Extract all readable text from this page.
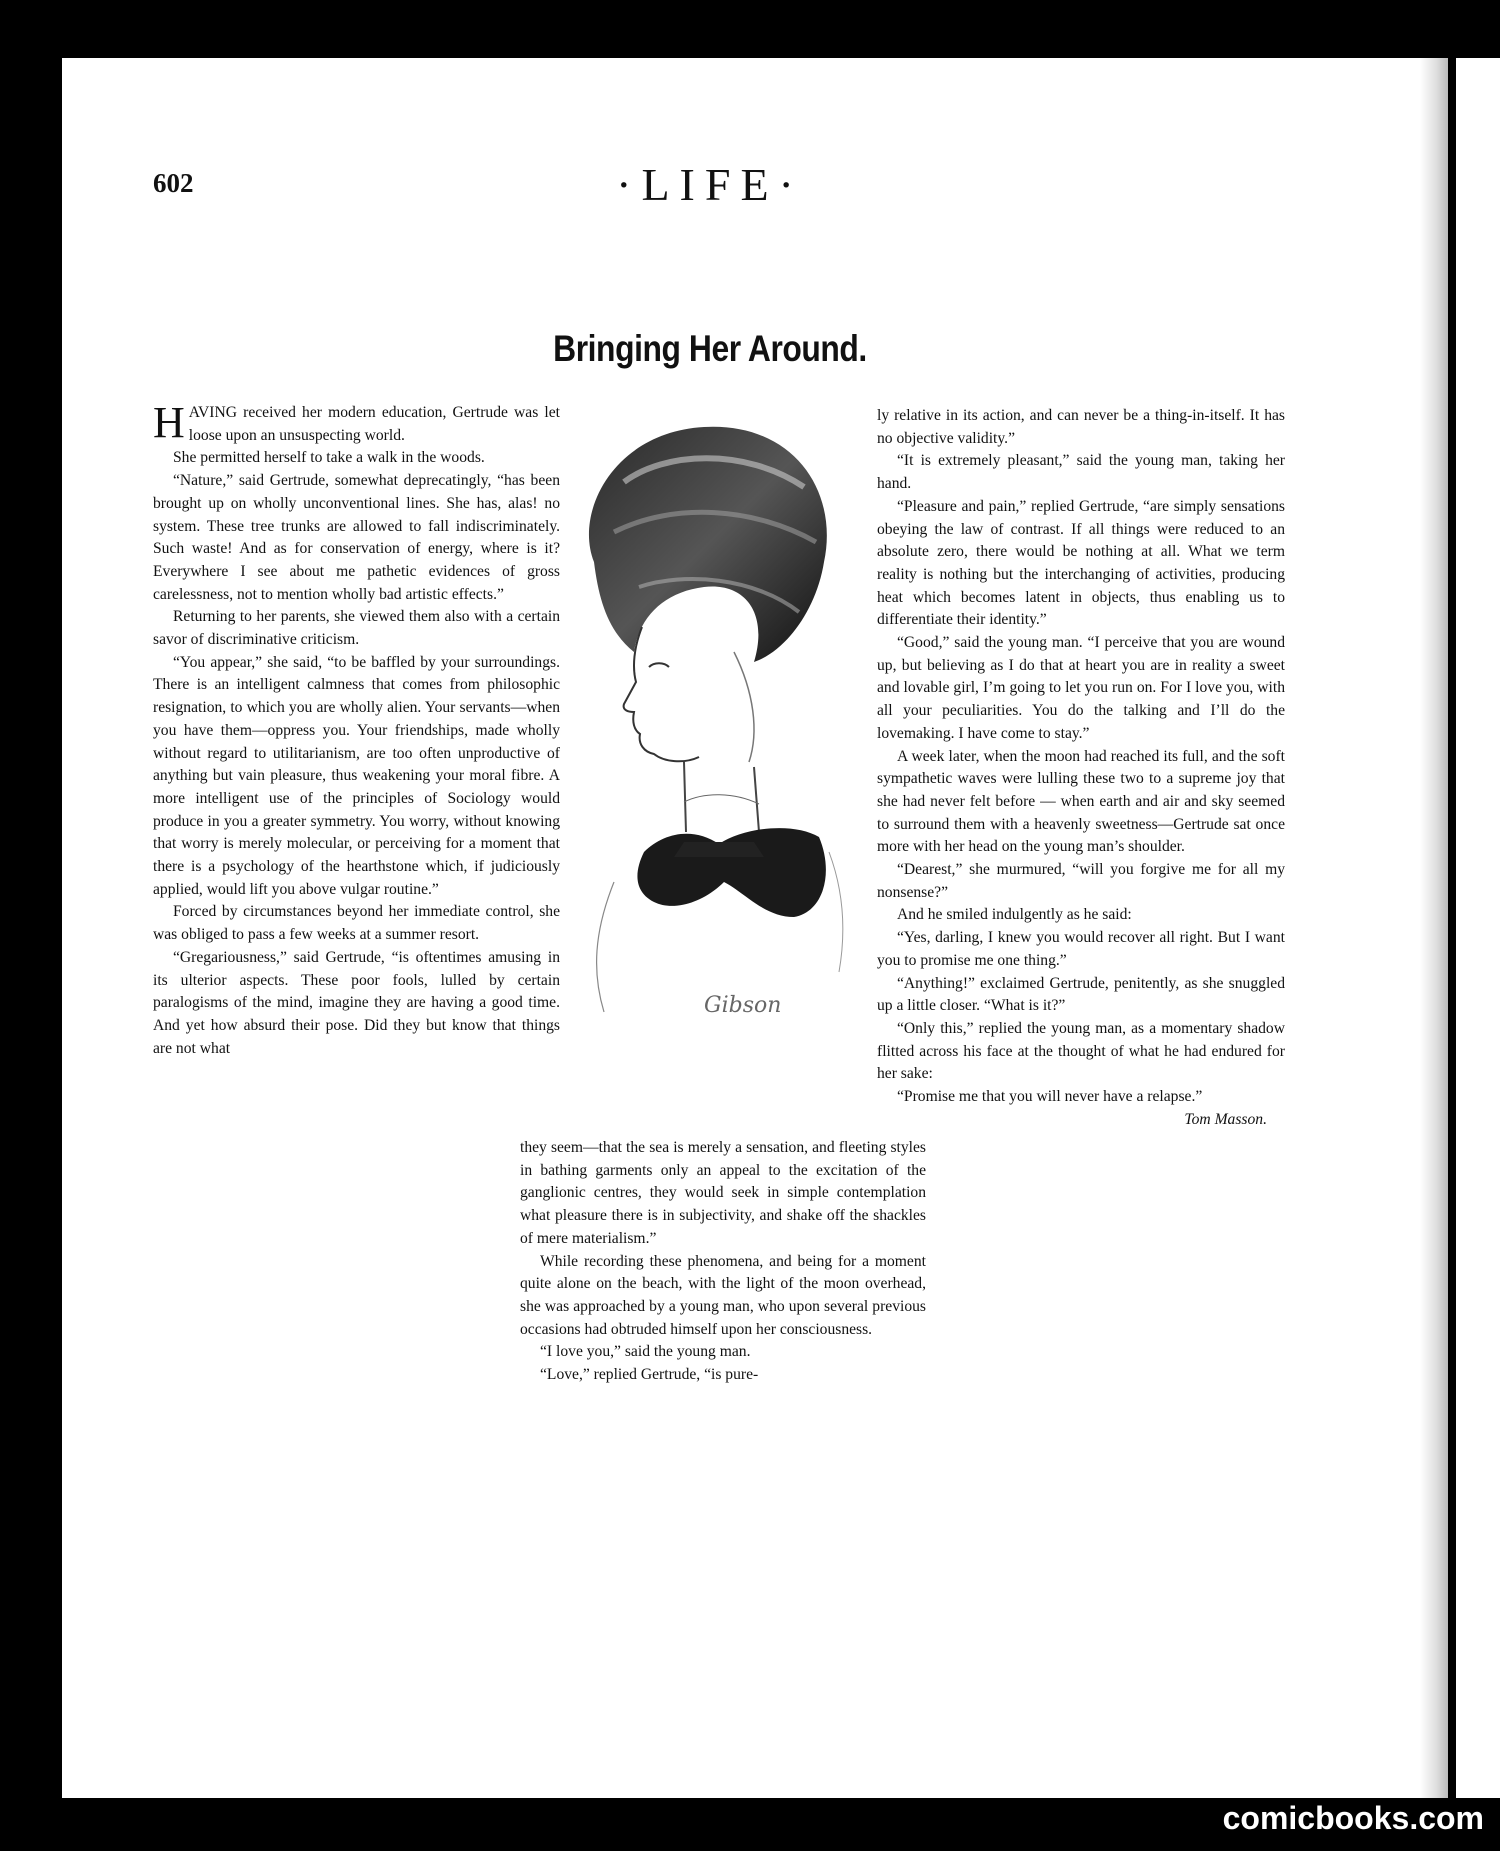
602	·LIFE·
Bringing Her Around.

HAVING received her modern education, Gertrude was let loose upon an unsuspecting world.

She permitted herself to take a walk in the woods.

“Nature,” said Gertrude, somewhat deprecatingly, “has been brought up on wholly unconventional lines. She has, alas! no system. These tree trunks are allowed to fall indiscriminately. Such waste! And as for conservation of energy, where is it? Everywhere I see about me pathetic evidences of gross carelessness, not to mention wholly bad artistic effects.”

Returning to her parents, she viewed them also with a certain savor of discriminative criticism.

“You appear,” she said, “to be baffled by your surroundings. There is an intelligent calmness that comes from philosophic resignation, to which you are wholly alien. Your servants—when you have them—oppress you. Your friendships, made wholly without regard to utilitarianism, are too often unproductive of anything but vain pleasure, thus weakening your moral fibre. A more intelligent use of the principles of Sociology would produce in you a greater symmetry. You worry, without knowing that worry is merely molecular, or perceiving for a moment that there is a psychology of the hearthstone which, if judiciously applied, would lift you above vulgar routine.”

Forced by circumstances beyond her immediate control, she was obliged to pass a few weeks at a summer resort.

“Gregariousness,” said Gertrude, “is oftentimes amusing in its ulterior aspects. These poor fools, lulled by certain paralogisms of the mind, imagine they are having a good time. And yet how absurd their pose. Did they but know that things are not what

Gibson

they seem—that the sea is merely a sensation, and fleeting styles in bathing garments only an appeal to the excitation of the ganglionic centres, they would seek in simple contemplation what pleasure there is in subjectivity, and shake off the shackles of mere materialism.”

While recording these phenomena, and being for a moment quite alone on the beach, with the light of the moon overhead, she was approached by a young man, who upon several previous occasions had obtruded himself upon her consciousness.

“I love you,” said the young man.

“Love,” replied Gertrude, “is pure-

ly relative in its action, and can never be a thing-in-itself. It has no objective validity.”

“It is extremely pleasant,” said the young man, taking her hand.

“Pleasure and pain,” replied Gertrude, “are simply sensations obeying the law of contrast. If all things were reduced to an absolute zero, there would be nothing at all. What we term reality is nothing but the interchanging of activities, producing heat which becomes latent in objects, thus enabling us to differentiate their identity.”

“Good,” said the young man. “I perceive that you are wound up, but believing as I do that at heart you are in reality a sweet and lovable girl, I’m going to let you run on. For I love you, with all your peculiarities. You do the talking and I’ll do the lovemaking. I have come to stay.”

A week later, when the moon had reached its full, and the soft sympathetic waves were lulling these two to a supreme joy that she had never felt before — when earth and air and sky seemed to surround them with a heavenly sweetness—Gertrude sat once more with her head on the young man’s shoulder.

“Dearest,” she murmured, “will you forgive me for all my nonsense?”

And he smiled indulgently as he said:

“Yes, darling, I knew you would recover all right. But I want you to promise me one thing.”

“Anything!” exclaimed Gertrude, penitently, as she snuggled up a little closer. “What is it?”

“Only this,” replied the young man, as a momentary shadow flitted across his face at the thought of what he had endured for her sake:

“Promise me that you will never have a relapse.”

Tom Masson.
comicbooks.com
